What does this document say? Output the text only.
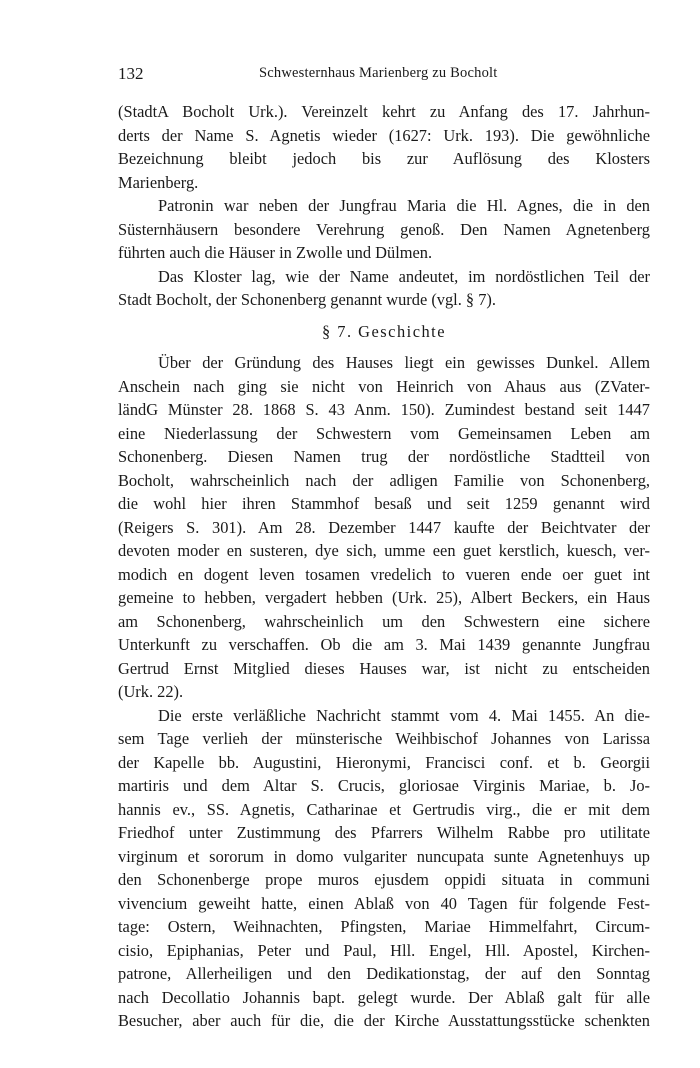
132	Schwesternhaus Marienberg zu Bocholt
(StadtA Bocholt Urk.). Vereinzelt kehrt zu Anfang des 17. Jahrhun-
derts der Name S. Agnetis wieder (1627: Urk. 193). Die gewöhnliche
Bezeichnung bleibt jedoch bis zur Auflösung des Klosters
Marienberg.
Patronin war neben der Jungfrau Maria die Hl. Agnes, die in den
Süsternhäusern besondere Verehrung genoß. Den Namen Agnetenberg
führten auch die Häuser in Zwolle und Dülmen.
Das Kloster lag, wie der Name andeutet, im nordöstlichen Teil der
Stadt Bocholt, der Schonenberg genannt wurde (vgl. § 7).
§ 7. Geschichte
Über der Gründung des Hauses liegt ein gewisses Dunkel. Allem
Anschein nach ging sie nicht von Heinrich von Ahaus aus (ZVater-
ländG Münster 28. 1868 S. 43 Anm. 150). Zumindest bestand seit 1447
eine Niederlassung der Schwestern vom Gemeinsamen Leben am
Schonenberg. Diesen Namen trug der nordöstliche Stadtteil von
Bocholt, wahrscheinlich nach der adligen Familie von Schonenberg,
die wohl hier ihren Stammhof besaß und seit 1259 genannt wird
(Reigers S. 301). Am 28. Dezember 1447 kaufte der Beichtvater der
devoten moder en susteren, dye sich, umme een guet kerstlich, kuesch, ver-
modich en dogent leven tosamen vredelich to vueren ende oer guet int
gemeine to hebben, vergadert hebben (Urk. 25), Albert Beckers, ein Haus
am Schonenberg, wahrscheinlich um den Schwestern eine sichere
Unterkunft zu verschaffen. Ob die am 3. Mai 1439 genannte Jungfrau
Gertrud Ernst Mitglied dieses Hauses war, ist nicht zu entscheiden
(Urk. 22).
Die erste verläßliche Nachricht stammt vom 4. Mai 1455. An die-
sem Tage verlieh der münsterische Weihbischof Johannes von Larissa
der Kapelle bb. Augustini, Hieronymi, Francisci conf. et b. Georgii
martiris und dem Altar S. Crucis, gloriosae Virginis Mariae, b. Jo-
hannis ev., SS. Agnetis, Catharinae et Gertrudis virg., die er mit dem
Friedhof unter Zustimmung des Pfarrers Wilhelm Rabbe pro utilitate
virginum et sororum in domo vulgariter nuncupata sunte Agnetenhuys up
den Schonenberge prope muros ejusdem oppidi situata in communi
vivencium geweiht hatte, einen Ablaß von 40 Tagen für folgende Fest-
tage: Ostern, Weihnachten, Pfingsten, Mariae Himmelfahrt, Circum-
cisio, Epiphanias, Peter und Paul, Hll. Engel, Hll. Apostel, Kirchen-
patrone, Allerheiligen und den Dedikationstag, der auf den Sonntag
nach Decollatio Johannis bapt. gelegt wurde. Der Ablaß galt für alle
Besucher, aber auch für die, die der Kirche Ausstattungsstücke schenkten
